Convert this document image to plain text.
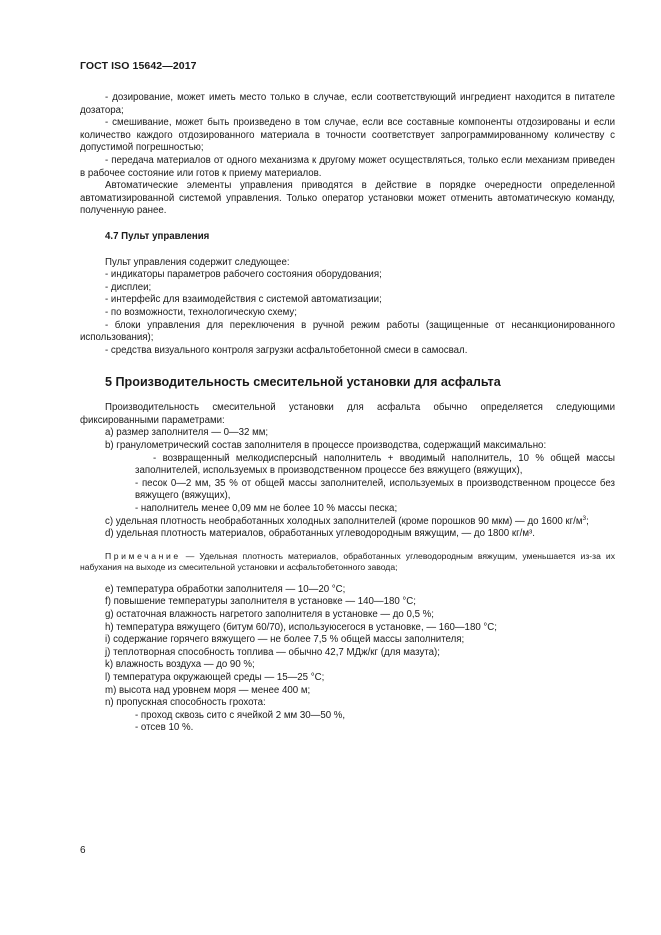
ГОСТ ISO 15642—2017

- дозирование, может иметь место только в случае, если соответствующий ингредиент находится в питателе дозатора;

- смешивание, может быть произведено в том случае, если все составные компоненты отдозированы и если количество каждого отдозированного материала в точности соответствует запрограммированному количеству с допустимой погрешностью;

- передача материалов от одного механизма к другому может осуществляться, только если механизм приведен в рабочее состояние или готов к приему материалов.

Автоматические элементы управления приводятся в действие в порядке очередности определенной автоматизированной системой управления. Только оператор установки может отменить автоматическую команду, полученную ранее.

4.7 Пульт управления

Пульт управления содержит следующее:

- индикаторы параметров рабочего состояния оборудования;

- дисплеи;

- интерфейс для взаимодействия с системой автоматизации;

- по возможности, технологическую схему;

- блоки управления для переключения в ручной режим работы (защищенные от несанкционированного использования);

- средства визуального контроля загрузки асфальтобетонной смеси в самосвал.

5 Производительность смесительной установки для асфальта

Производительность смесительной установки для асфальта обычно определяется следующими фиксированными параметрами:

а) размер заполнителя — 0—32 мм;

b) гранулометрический состав заполнителя в процессе производства, содержащий максимально:

- возвращенный мелкодисперсный наполнитель + вводимый наполнитель, 10 % общей массы заполнителей, используемых в производственном процессе без вяжущего (вяжущих),

- песок 0—2 мм, 35 % от общей массы заполнителей, используемых в производственном процессе без вяжущего (вяжущих),

- наполнитель менее 0,09 мм не более 10 % массы песка;

c) удельная плотность необработанных холодных заполнителей (кроме порошков 90 мкм) — до 1600 $кг/м^3$;

d) удельная плотность материалов, обработанных углеводородным вяжущим, — до 1800 кг/м³.

Примечание — Удельная плотность материалов, обработанных углеводородным вяжущим, уменьшается из-за их набухания на выходе из смесительной установки и асфальтобетонного завода;

е) температура обработки заполнителя — 10—20 °С;

f) повышение температуры заполнителя в установке — 140—180 °С;

g) остаточная влажность нагретого заполнителя в установке — до 0,5 %;

h) температура вяжущего (битум 60/70), используюсегося в установке, — 160—180 °С;

i) содержание горячего вяжущего — не более 7,5 % общей массы заполнителя;

j) теплотворная способность топлива — обычно 42,7 МДж/кг (для мазута);

k) влажность воздуха — до 90 %;

l) температура окружающей среды — 15—25 °С;

m) высота над уровнем моря — менее 400 м;

n) пропускная способность грохота:

- проход сквозь сито с ячейкой 2 мм 30—50 %,

- отсев 10 %.

6
